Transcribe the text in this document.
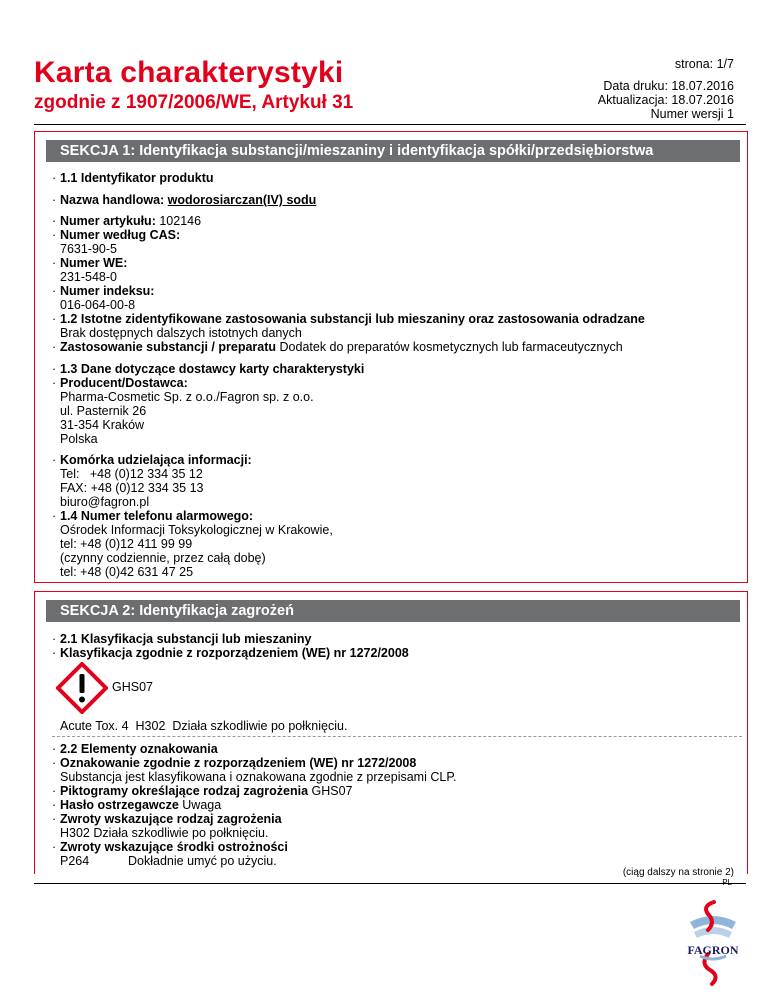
Karta charakterystyki
zgodnie z 1907/2006/WE, Artykuł 31
strona: 1/7
Data druku: 18.07.2016
Aktualizacja: 18.07.2016
Numer wersji 1
SEKCJA 1: Identyfikacja substancji/mieszaniny i identyfikacja spółki/przedsiębiorstwa
· 1.1 Identyfikator produktu
· Nazwa handlowa: wodorosiarczan(IV) sodu
· Numer artykułu: 102146
· Numer według CAS:
7631-90-5
· Numer WE:
231-548-0
· Numer indeksu:
016-064-00-8
· 1.2 Istotne zidentyfikowane zastosowania substancji lub mieszaniny oraz zastosowania odradzane
Brak dostępnych dalszych istotnych danych
· Zastosowanie substancji / preparatu Dodatek do preparatów kosmetycznych lub farmaceutycznych
· 1.3 Dane dotyczące dostawcy karty charakterystyki
· Producent/Dostawca:
Pharma-Cosmetic Sp. z o.o./Fagron sp. z o.o.
ul. Pasternik 26
31-354 Kraków
Polska
· Komórka udzielająca informacji:
Tel:   +48 (0)12 334 35 12
FAX: +48 (0)12 334 35 13
biuro@fagron.pl
· 1.4 Numer telefonu alarmowego:
Ośrodek Informacji Toksykologicznej w Krakowie,
tel: +48 (0)12 411 99 99
(czynny codziennie, przez całą dobę)
tel: +48 (0)42 631 47 25
SEKCJA 2: Identyfikacja zagrożeń
· 2.1 Klasyfikacja substancji lub mieszaniny
· Klasyfikacja zgodnie z rozporządzeniem (WE) nr 1272/2008
GHS07
Acute Tox. 4  H302  Działa szkodliwie po połknięciu.
· 2.2 Elementy oznakowania
· Oznakowanie zgodnie z rozporządzeniem (WE) nr 1272/2008
Substancja jest klasyfikowana i oznakowana zgodnie z przepisami CLP.
· Piktogramy określające rodzaj zagrożenia GHS07
· Hasło ostrzegawcze Uwaga
· Zwroty wskazujące rodzaj zagrożenia
H302 Działa szkodliwie po połknięciu.
· Zwroty wskazujące środki ostrożności
P264	Dokładnie umyć po użyciu.
(ciąg dalszy na stronie 2)
PL
FAGRON
